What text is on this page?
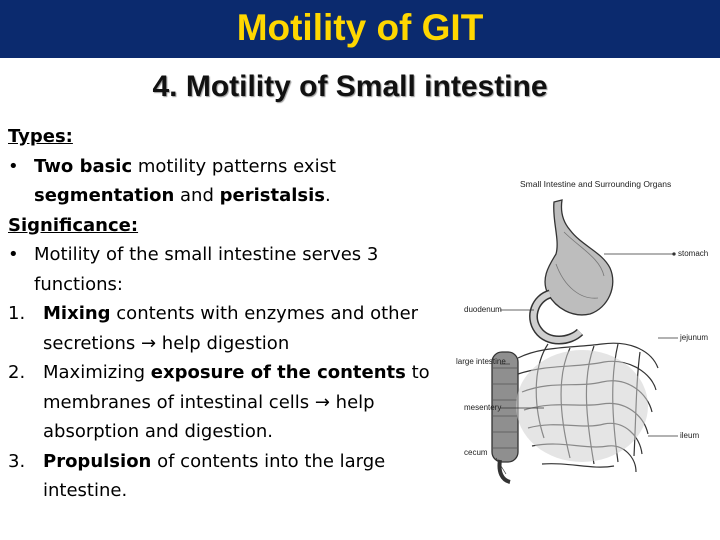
Motility of GIT
4. Motility of Small intestine
Types:
• Two basic motility patterns exist
segmentation and peristalsis.
Significance:
• Motility of the small intestine serves 3
functions:
1. Mixing contents with enzymes and other
secretions → help digestion
2. Maximizing exposure of the contents to
membranes of intestinal cells → help
absorption and digestion.
3. Propulsion of contents into the large
intestine.
Small Intestine and Surrounding Organs
stomach
duodenum
jejunum
large intestine
mesentery
cecum
ileum
